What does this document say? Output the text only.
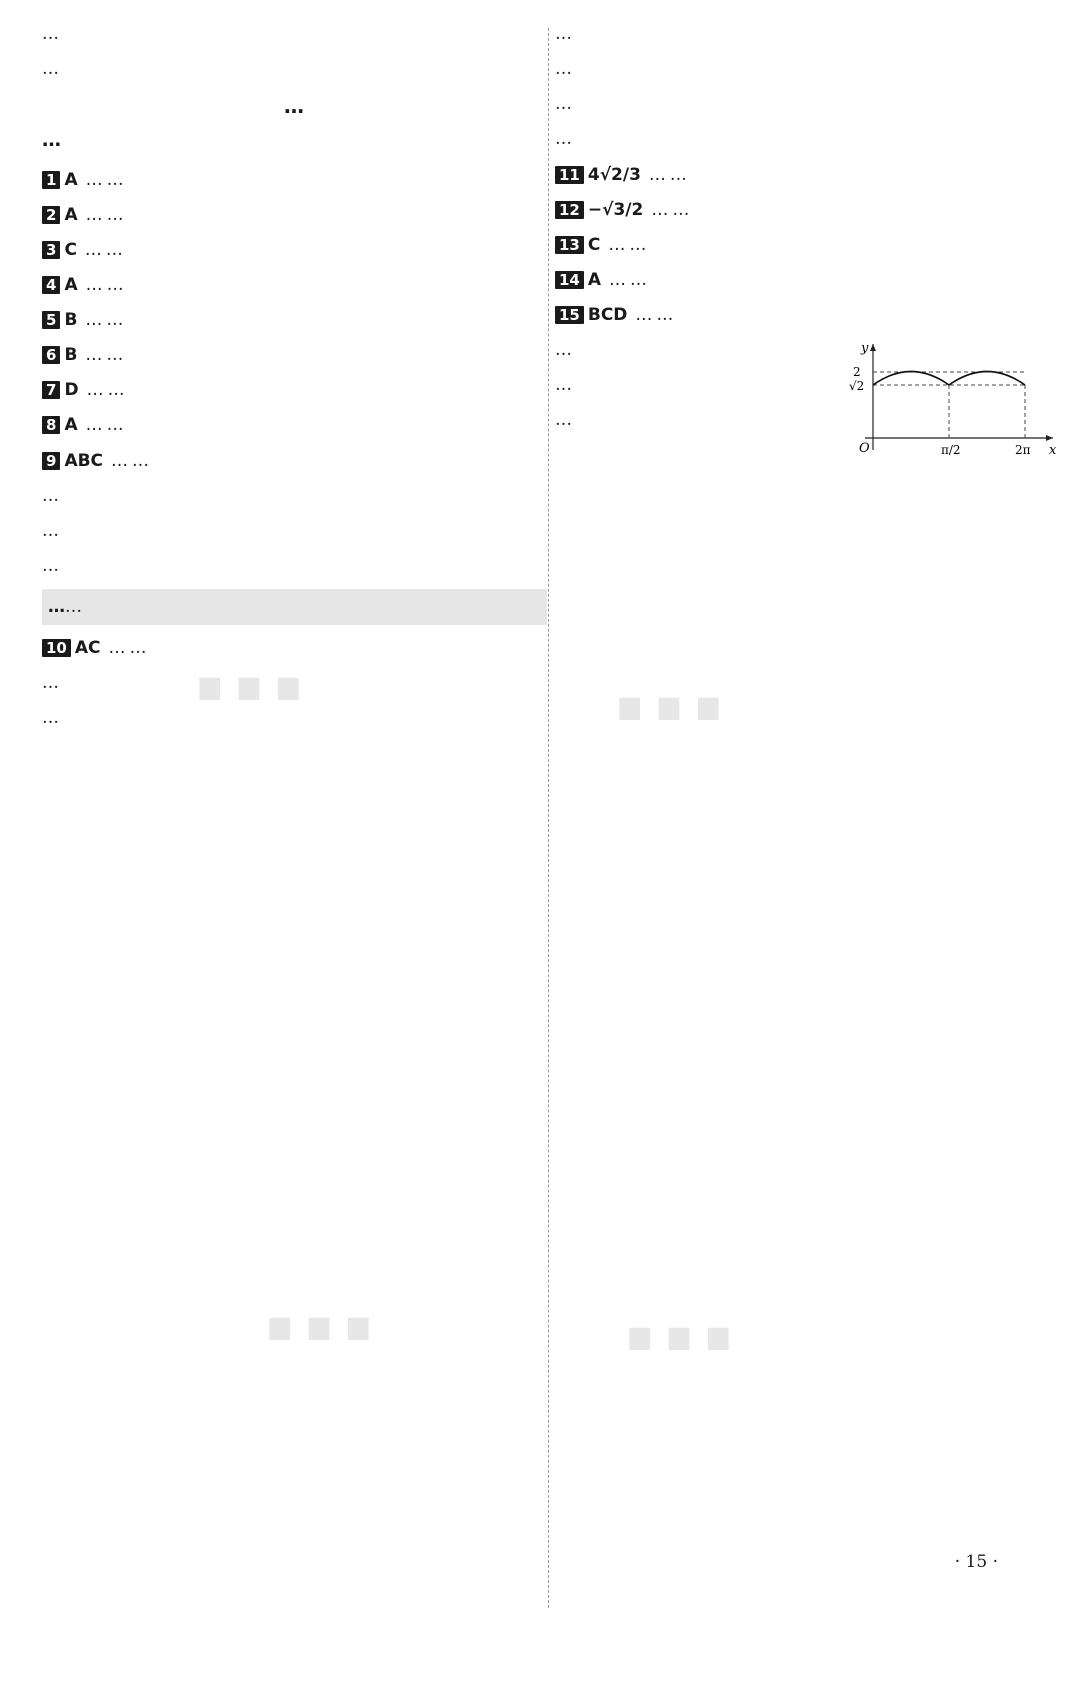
…

…

…
…

1 A … …

2 A … …

3 C … …

4 A … …

5 B … …

6 B … …

7 D … …

8 A … …

9 ABC … …

…

…

…

……

10 AC … …

…

…

…

…

…

…

11 4√2/3 … …

12 −√3/2 … …

13 C … …

14 A … …

15 BCD … …

y
x
O
2
√2
π/2	2π

…

…

…

… …
… …
· 15 ·
